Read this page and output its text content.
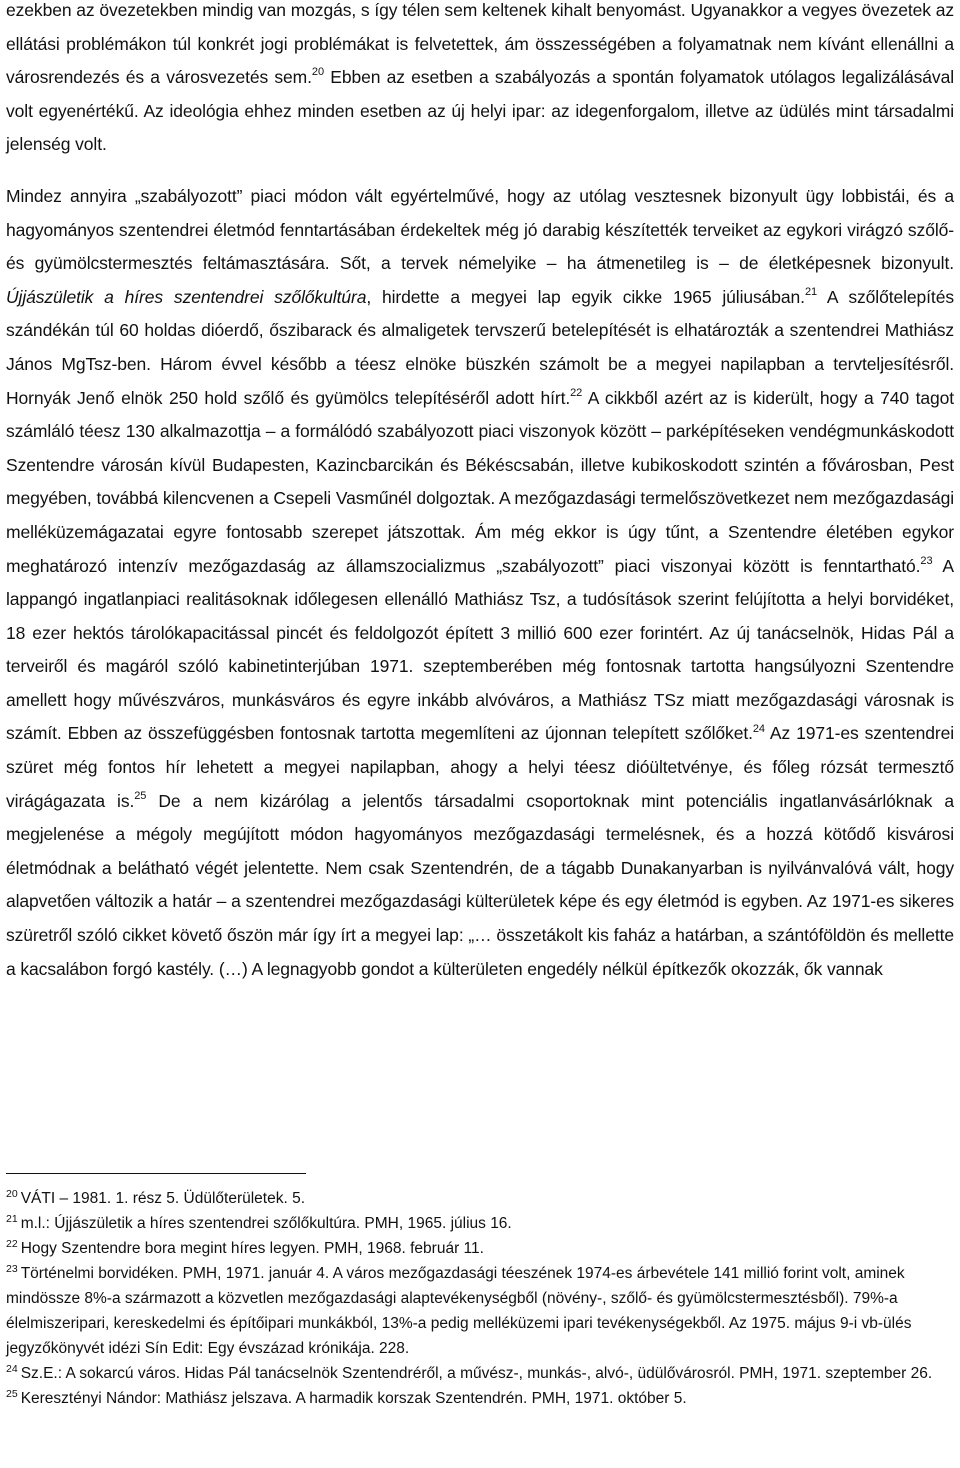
ezekben az övezetekben mindig van mozgás, s így télen sem keltenek kihalt benyomást. Ugyanakkor a vegyes övezetek az ellátási problémákon túl konkrét jogi problémákat is felvetettek, ám összességében a folyamatnak nem kívánt ellenállni a városrendezés és a városvezetés sem.$^{20}$ Ebben az esetben a szabályozás a spontán folyamatok utólagos legalizálásával volt egyenértékű. Az ideológia ehhez minden esetben az új helyi ipar: az idegenforgalom, illetve az üdülés mint társadalmi jelenség volt.

Mindez annyira „szabályozott” piaci módon vált egyértelművé, hogy az utólag vesztesnek bizonyult ügy lobbistái, és a hagyományos szentendrei életmód fenntartásában érdekeltek még jó darabig készítették terveiket az egykori virágzó szőlő- és gyümölcstermesztés feltámasztására. Sőt, a tervek némelyike – ha átmenetileg is – de életképesnek bizonyult. Újjászületik a híres szentendrei szőlőkultúra, hirdette a megyei lap egyik cikke 1965 júliusában.$^{21}$ A szőlőtelepítés szándékán túl 60 holdas dióerdő, őszibarack és almaligetek tervszerű betelepítését is elhatározták a szentendrei Mathiász János MgTsz-ben. Három évvel később a téesz elnöke büszkén számolt be a megyei napilapban a tervteljesítésről. Hornyák Jenő elnök 250 hold szőlő és gyümölcs telepítéséről adott hírt.$^{22}$ A cikkből azért az is kiderült, hogy a 740 tagot számláló téesz 130 alkalmazottja – a formálódó szabályozott piaci viszonyok között – parképítéseken vendégmunkáskodott Szentendre városán kívül Budapesten, Kazincbarcikán és Békéscsabán, illetve kubikoskodott szintén a fővárosban, Pest megyében, továbbá kilencvenen a Csepeli Vasműnél dolgoztak. A mezőgazdasági termelőszövetkezet nem mezőgazdasági melléküzemágazatai egyre fontosabb szerepet játszottak. Ám még ekkor is úgy tűnt, a Szentendre életében egykor meghatározó intenzív mezőgazdaság az államszocializmus „szabályozott” piaci viszonyai között is fenntartható.$^{23}$ A lappangó ingatlanpiaci realitásoknak időlegesen ellenálló Mathiász Tsz, a tudósítások szerint felújította a helyi borvidéket, 18 ezer hektós tárolókapacitással pincét és feldolgozót épített 3 millió 600 ezer forintért. Az új tanácselnök, Hidas Pál a terveiről és magáról szóló kabinetinterjúban 1971. szeptemberében még fontosnak tartotta hangsúlyozni Szentendre amellett hogy művészváros, munkásváros és egyre inkább alvóváros, a Mathiász TSz miatt mezőgazdasági városnak is számít. Ebben az összefüggésben fontosnak tartotta megemlíteni az újonnan telepített szőlőket.$^{24}$ Az 1971-es szentendrei szüret még fontos hír lehetett a megyei napilapban, ahogy a helyi téesz dióültetvénye, és főleg rózsát termesztő virágágazata is.$^{25}$ De a nem kizárólag a jelentős társadalmi csoportoknak mint potenciális ingatlanvásárlóknak a megjelenése a mégoly megújított módon hagyományos mezőgazdasági termelésnek, és a hozzá kötődő kisvárosi életmódnak a belátható végét jelentette. Nem csak Szentendrén, de a tágabb Dunakanyarban is nyilvánvalóvá vált, hogy alapvetően változik a határ – a szentendrei mezőgazdasági külterületek képe és egy életmód is egyben. Az 1971-es sikeres szüretről szóló cikket követő őszön már így írt a megyei lap: „… összetákolt kis faház a határban, a szántóföldön és mellette a kacsalábon forgó kastély. (…) A legnagyobb gondot a külterületen engedély nélkül építkezők okozzák, ők vannak

$^{20}$ VÁTI – 1981. 1. rész 5. Üdülőterületek. 5.

$^{21}$ m.l.: Újjászületik a híres szentendrei szőlőkultúra. PMH, 1965. július 16.

$^{22}$ Hogy Szentendre bora megint híres legyen. PMH, 1968. február 11.

$^{23}$ Történelmi borvidéken. PMH, 1971. január 4. A város mezőgazdasági téeszének 1974-es árbevétele 141 millió forint volt, aminek mindössze 8%-a származott a közvetlen mezőgazdasági alaptevékenységből (növény-, szőlő- és gyümölcstermesztésből). 79%-a élelmiszeripari, kereskedelmi és építőipari munkákból, 13%-a pedig melléküzemi ipari tevékenységekből. Az 1975. május 9-i vb-ülés jegyzőkönyvét idézi Sín Edit: Egy évszázad krónikája. 228.

$^{24}$ Sz.E.: A sokarcú város. Hidas Pál tanácselnök Szentendréről, a művész-, munkás-, alvó-, üdülővárosról. PMH, 1971. szeptember 26.

$^{25}$ Keresztényi Nándor: Mathiász jelszava. A harmadik korszak Szentendrén. PMH, 1971. október 5.
